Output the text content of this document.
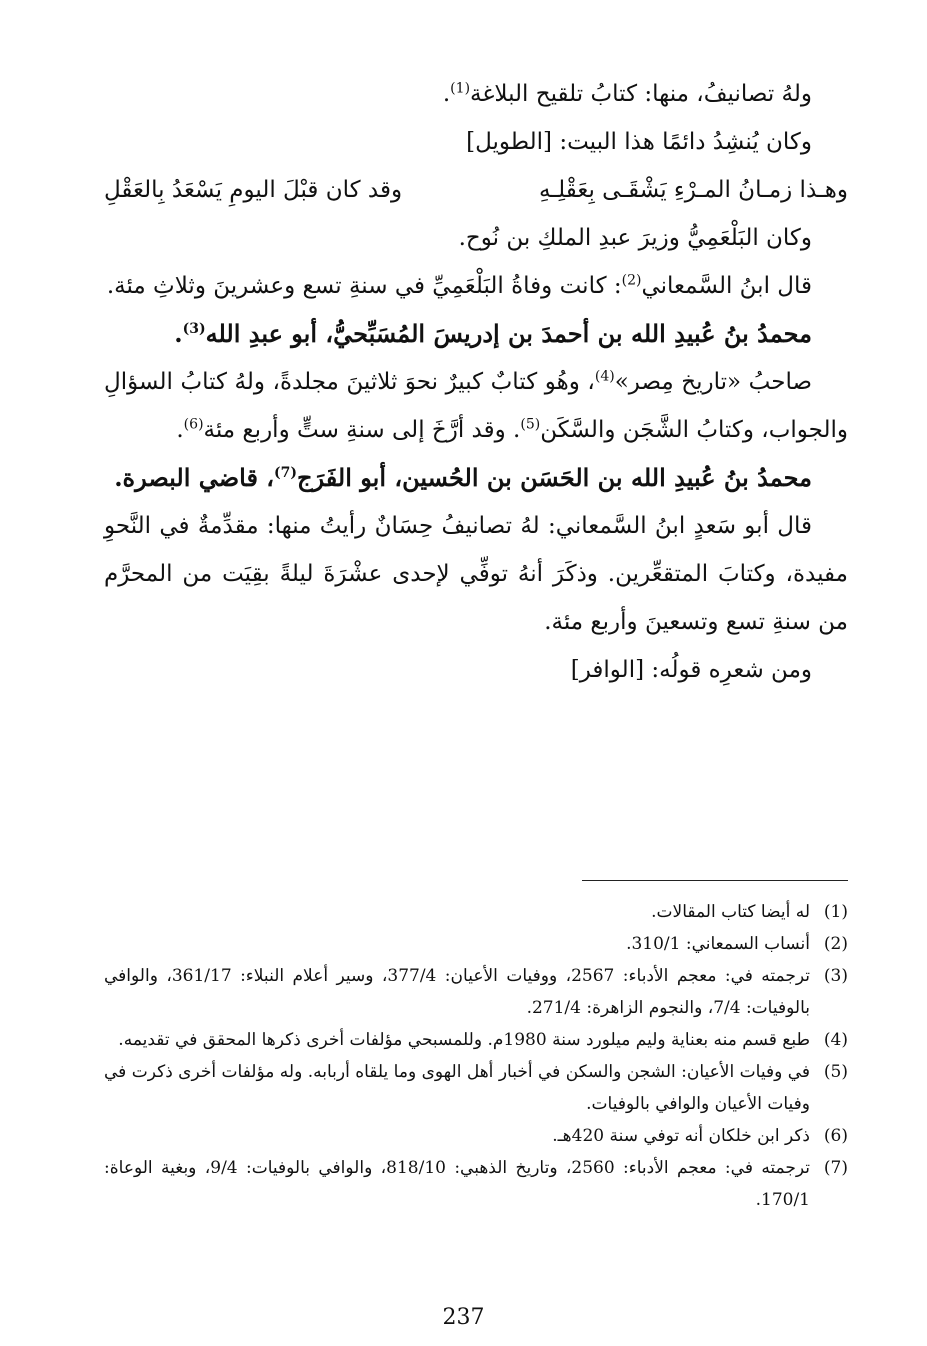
ولهُ تصانيفُ، منها: كتابُ تلقيح البلاغة$^{(1)}$.

وكان يُنشِدُ دائمًا هذا البيت: [الطويل]

وهـذا زمـانُ المـرْءِ يَشْقَـى بِعَقْلِـهِ
وقد كان قبْلَ اليومِ يَسْعَدُ بِالعَقْلِ

وكان البَلْعَمِيُّ وزيرَ عبدِ الملكِ بن نُوح.

قال ابنُ السَّمعاني$^{(2)}$: كانت وفاةُ البَلْعَمِيِّ في سنةِ تسع وعشرينَ وثلاثِ مئة.

محمدُ بنُ عُبيدِ الله بن أحمدَ بن إدريسَ المُسَبِّحيُّ، أبو عبدِ الله$^{(3)}$.

صاحبُ «تاريخ مِصر»$^{(4)}$، وهُو كتابٌ كبيرٌ نحوَ ثلاثينَ مجلدةً، ولهُ كتابُ السؤالِ والجواب، وكتابُ الشَّجَن والسَّكَن$^{(5)}$. وقد أرَّخَ إلى سنةِ ستٍّ وأربع مئة$^{(6)}$.

محمدُ بنُ عُبيدِ الله بن الحَسَن بن الحُسين، أبو الفَرَج$^{(7)}$، قاضي البصرة.

قال أبو سَعدٍ ابنُ السَّمعاني: لهُ تصانيفُ حِسَانٌ رأيتُ منها: مقدِّمةٌ في النَّحوِ مفيدة، وكتابَ المتقعِّرين. وذكَرَ أنهُ توفِّي لإحدى عشْرَةَ ليلةً بقِيَت من المحرَّم من سنةِ تسع وتسعينَ وأربع مئة.

ومن شعرِه قولُه: [الوافر]

(1)
له أيضا كتاب المقالات.
(2)
أنساب السمعاني: 310/1.
(3)
ترجمته في: معجم الأدباء: 2567، ووفيات الأعيان: 377/4، وسير أعلام النبلاء: 361/17، والوافي بالوفيات: 7/4، والنجوم الزاهرة: 271/4.
(4)
طبع قسم منه بعناية وليم ميلورد سنة 1980م. وللمسبحي مؤلفات أخرى ذكرها المحقق في تقديمه.
(5)
في وفيات الأعيان: الشجن والسكن في أخبار أهل الهوى وما يلقاه أربابه. وله مؤلفات أخرى ذكرت في وفيات الأعيان والوافي بالوفيات.
(6)
ذكر ابن خلكان أنه توفي سنة 420هـ.
(7)
ترجمته في: معجم الأدباء: 2560، وتاريخ الذهبي: 818/10، والوافي بالوفيات: 9/4، وبغية الوعاة: 170/1.
237
